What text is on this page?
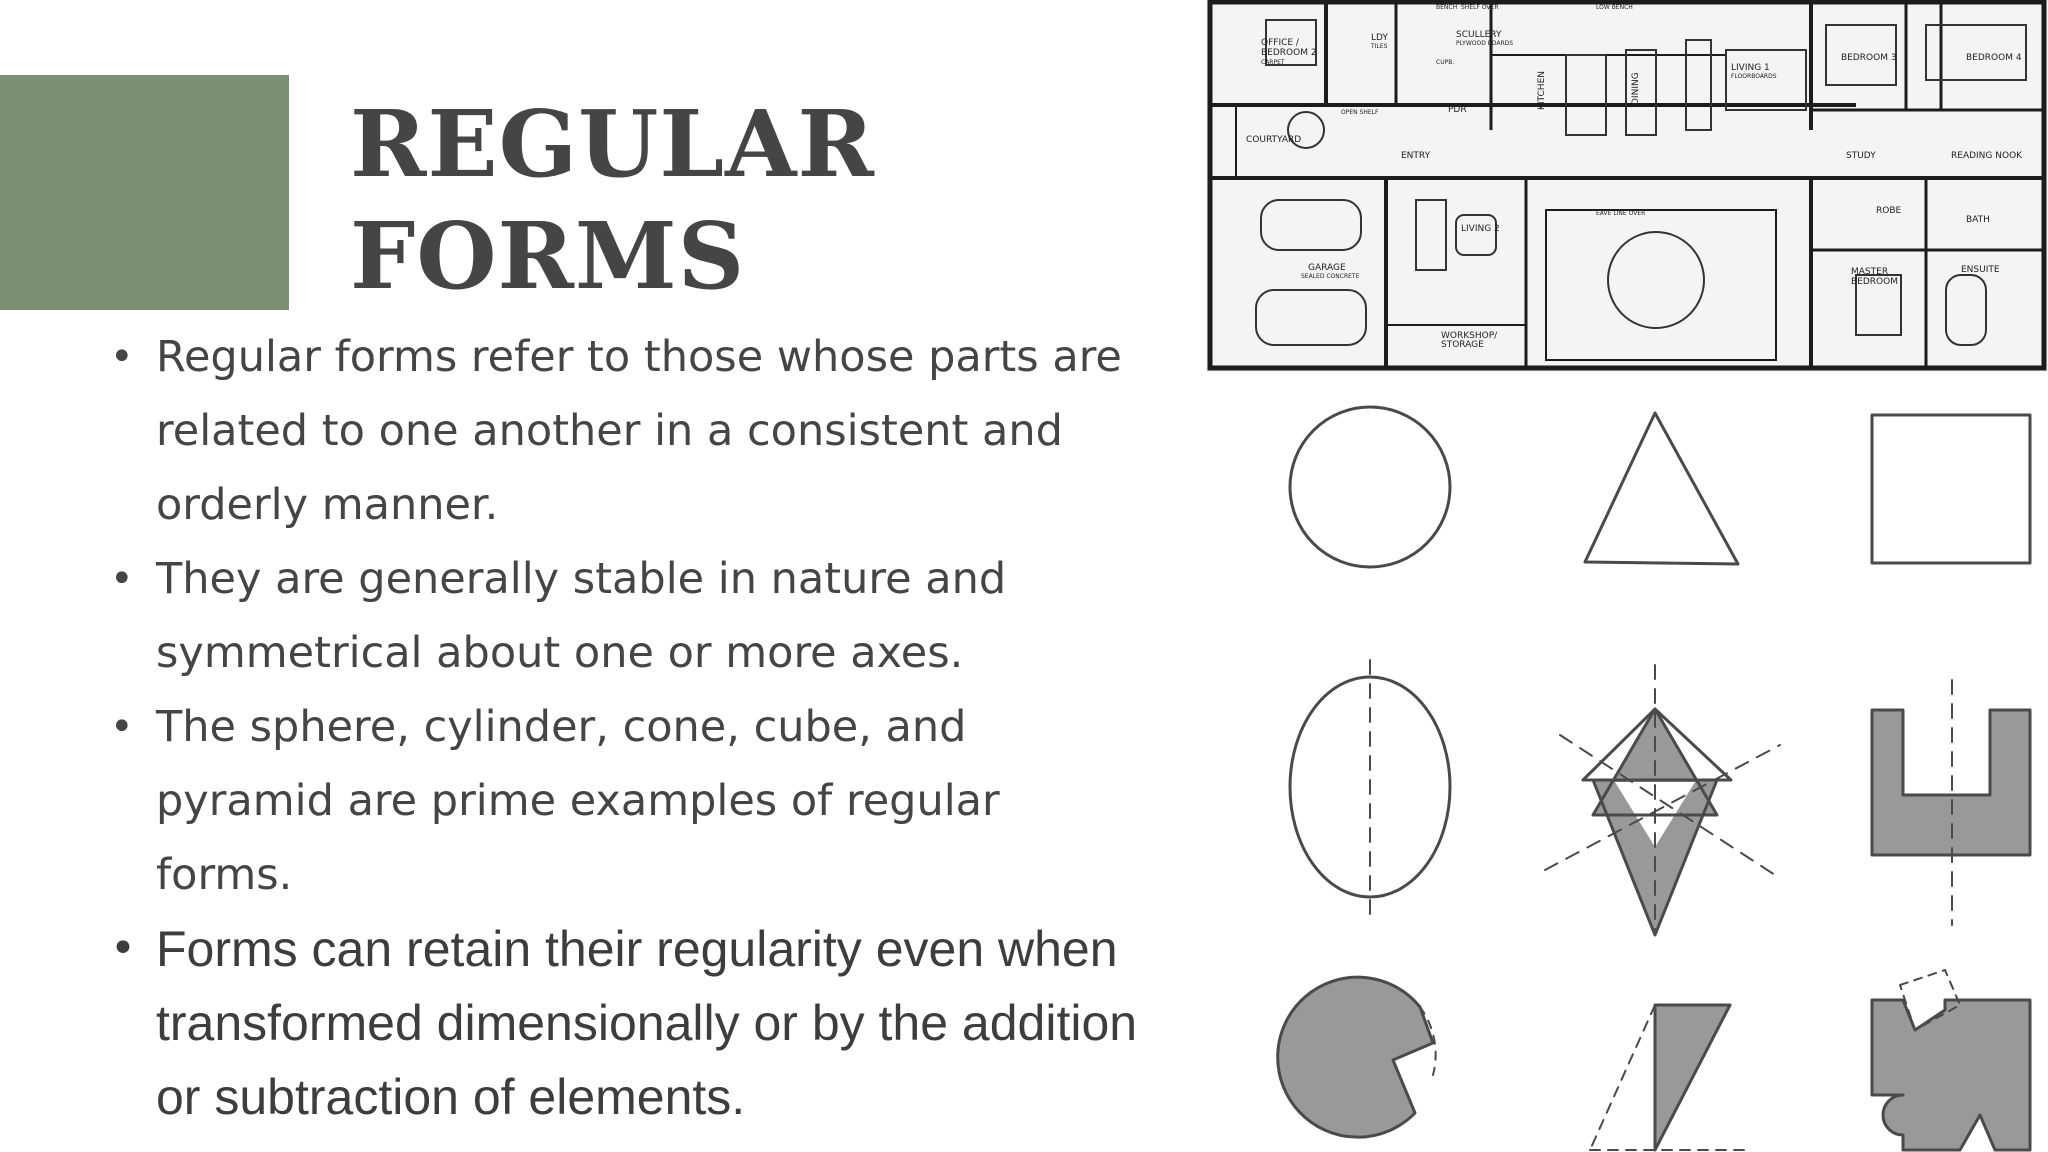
REGULAR
FORMS
• Regular forms refer to those whose parts are related to one another in a consistent and orderly manner.
• They are generally stable in nature and symmetrical about one or more axes.
• The sphere, cylinder, cone, cube, and pyramid are prime examples of regular forms.
• Forms can retain their regularity even when transformed dimensionally or by the addition or subtraction of elements.
OFFICE /
BEDROOM 2
CARPET
LDY
TILES
SCULLERY
PLYWOOD BOARDS
BENCH SHELF OVER	LOW BENCH
CUPB.
PDR	KITCHEN	DINING
LIVING 1
FLOORBOARDS
BEDROOM 3	BEDROOM 4
ENTRY
COURTYARD
OPEN SHELF
STUDY	READING NOOK
GARAGE
SEALED CONCRETE
LIVING 2
EAVE LINE OVER	ROBE
BATH
MASTER
BEDROOM
ENSUITE
WORKSHOP/
STORAGE
